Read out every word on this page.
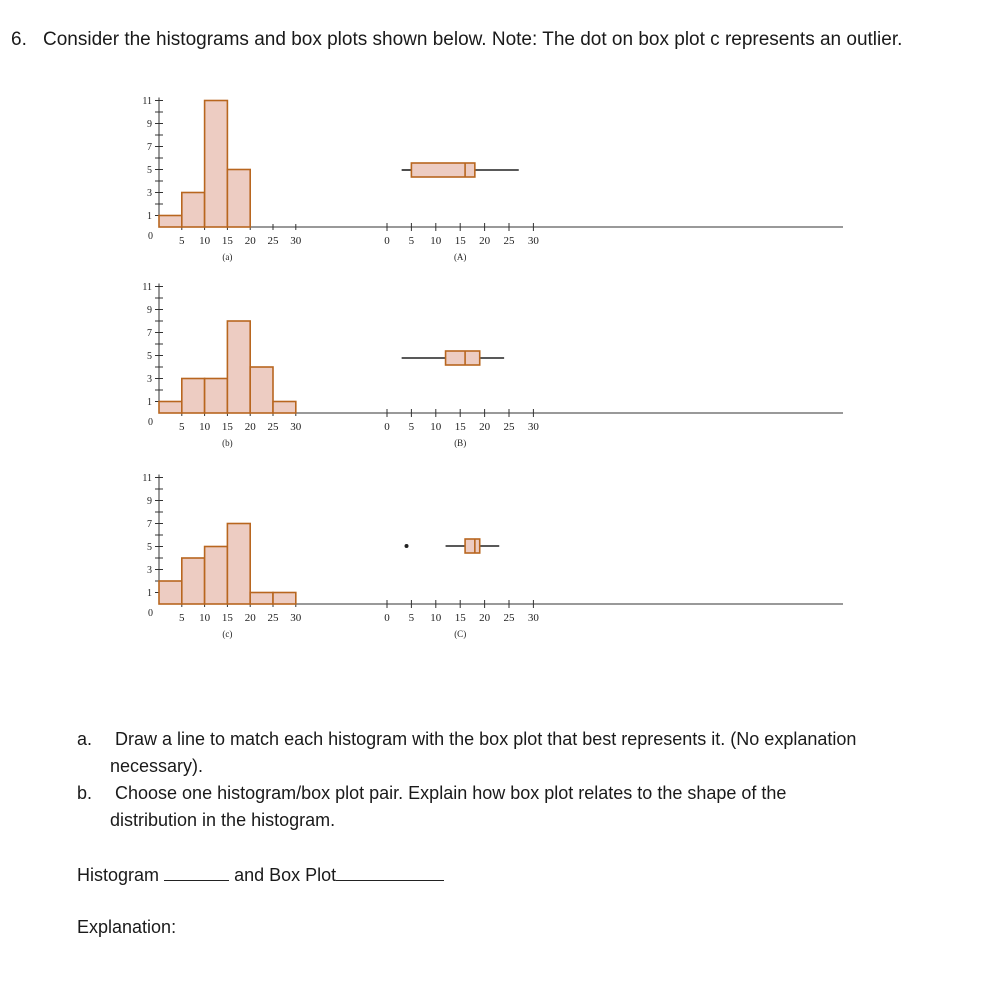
6. Consider the histograms and box plots shown below. Note: The dot on box plot c represents an outlier.
0
1
3
5
7
9
11
5 10 15 20 25 30
(a)
0
1
3
5
7
9
11
5 10 15 20 25 30
(b)
0
1
3
5
7
9
11
5 10 15 20 25 30
(c)
0 5 10 15 20 25 30
(A)
0 5 10 15 20 25 30
(B)
0 5 10 15 20 25 30
(C)
a. Draw a line to match each histogram with the box plot that best represents it. (No explanation
necessary).
b. Choose one histogram/box plot pair. Explain how box plot relates to the shape of the
distribution in the histogram.
Histogram	and Box Plot
Explanation:
